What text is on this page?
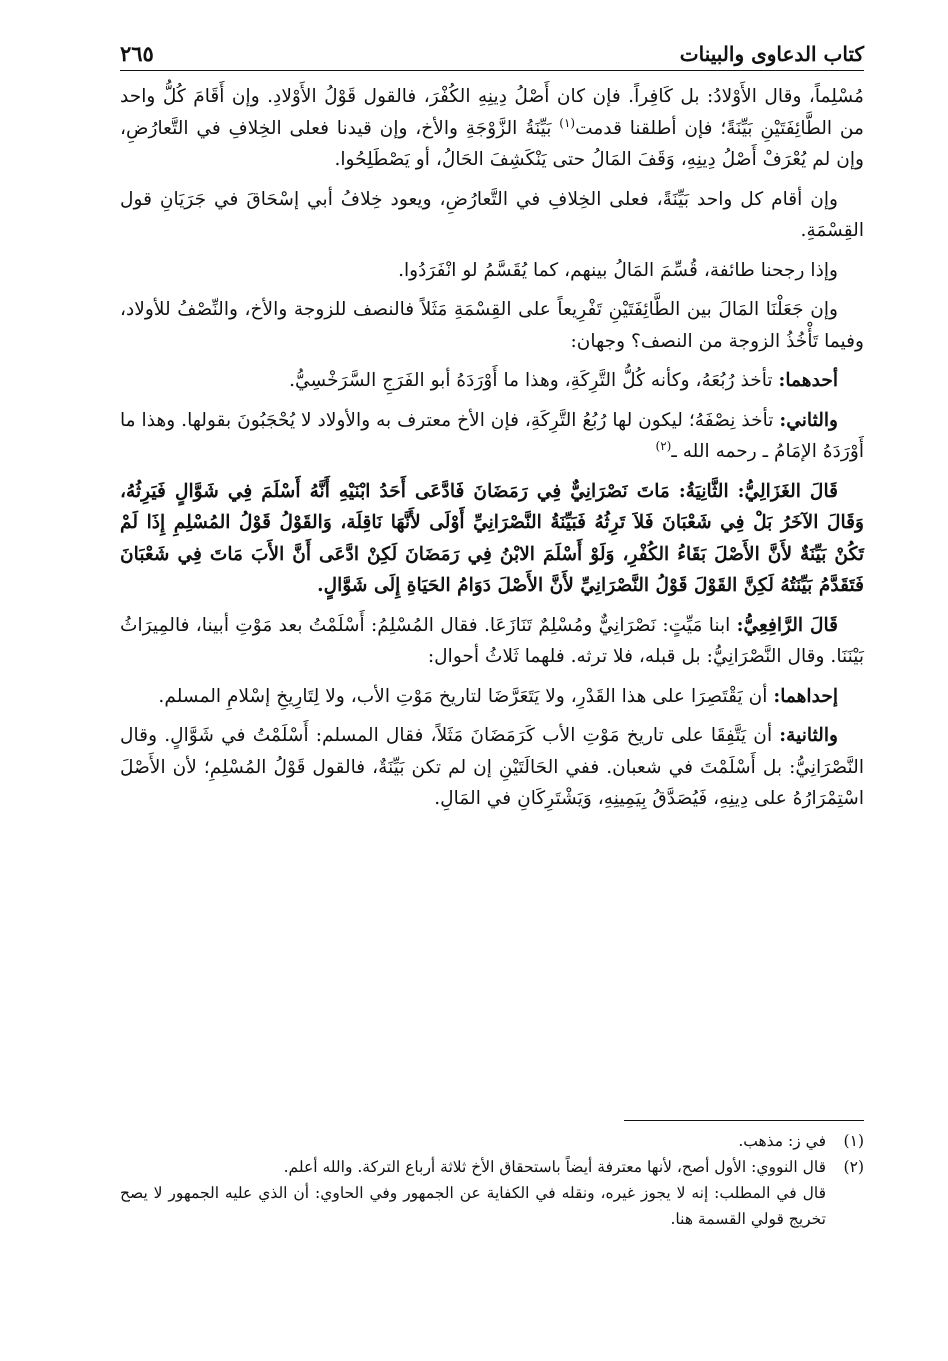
كتاب الدعاوى والبينات
٢٦٥

مُسْلِماً، وقال الأَوْلادُ: بل كَافِراً. فإن كان أَصْلُ دِينِهِ الكُفْرَ، فالقول قَوْلُ الأَوْلادِ. وإن أَقَامَ كُلُّ واحد من الطَّائِفَتَيْنِ بَيِّنَةً؛ فإن أطلقنا قدمت$^{(١)}$ بَيِّنَةُ الزَّوْجَةِ والأخ، وإن قيدنا فعلى الخِلافِ في التَّعارُضِ، وإن لم يُعْرَفْ أَصْلُ دِينِهِ، وَقَفَ المَالُ حتى يَنْكَشِفَ الحَالُ، أو يَصْطَلِحُوا.

وإن أقام كل واحد بَيِّنَةً، فعلى الخِلافِ في التَّعارُضِ، ويعود خِلافُ أبي إسْحَاقَ في جَرَيَانِ قول القِسْمَةِ.

وإذا رجحنا طائفة، قُسِّمَ المَالُ بينهم، كما يُقَسَّمُ لو انْفَرَدُوا.

وإن جَعَلْنَا المَالَ بين الطَّائِفَتَيْنِ تَفْرِيعاً على القِسْمَةِ مَثَلاً فالنصف للزوجة والأخ، والنِّصْفُ للأولاد، وفيما تَأْخُذُ الزوجة من النصف؟ وجهان:

أحدهما: تأخذ رُبُعَهُ، وكأنه كُلُّ التَّرِكَةِ، وهذا ما أَوْرَدَهُ أبو الفَرَجِ السَّرَخْسِيُّ.

والثاني: تأخذ نِصْفَهُ؛ ليكون لها رُبُعُ التَّرِكَةِ، فإن الأخ معترف به والأولاد لا يُحْجَبُونَ بقولها. وهذا ما أَوْرَدَهُ الإمَامُ ـ رحمه الله ـ$^{(٢)}$

قَالَ الغَزَالِيُّ: الثَّانِيَةُ: مَاتَ نَصْرَانِيٌّ فِي رَمَضَانَ فَادَّعَى أَحَدُ ابْنَيْهِ أَنَّهُ أَسْلَمَ فِي شَوَّالٍ فَيَرِثُهُ، وَقَالَ الآخَرُ بَلْ فِي شَعْبَانَ فَلاَ تَرِثُهُ فَبَيِّنَةُ النَّصْرَانِيِّ أَوْلَى لأَنَّهَا نَاقِلَة، وَالقَوْلُ قَوْلُ المُسْلِمِ إِذَا لَمْ تَكُنْ بَيِّنَةٌ لأَنَّ الأَصْلَ بَقَاءُ الكُفْرِ، وَلَوْ أَسْلَمَ الابْنُ فِي رَمَضَانَ لَكِنْ ادَّعَى أَنَّ الأَبَ مَاتَ فِي شَعْبَانَ فَتَقَدَّمُ بَيِّنَتُهُ لَكِنَّ القَوْلَ قَوْلُ النَّصْرَانِيِّ لأَنَّ الأَصْلَ دَوَامُ الحَيَاةِ إِلَى شَوَّالٍ.

قَالَ الرَّافِعِيُّ: ابنا مَيِّتٍ: نَصْرَانِيٌّ ومُسْلِمٌ تَنَازَعَا. فقال المُسْلِمُ: أَسْلَمْتُ بعد مَوْتِ أبينا، فالمِيرَاثُ بَيْنَنَا. وقال النَّصْرَانِيُّ: بل قبله، فلا ترثه. فلهما ثَلاثُ أحوال:

إحداهما: أن يَقْتَصِرَا على هذا القَدْرِ، ولا يَتَعَرَّضَا لتاريخ مَوْتِ الأب، ولا لِتَارِيخِ إسْلامِ المسلم.

والثانية: أن يَتَّفِقَا على تاريخ مَوْتِ الأب كَرَمَضَانَ مَثَلاً، فقال المسلم: أَسْلَمْتُ في شَوَّالٍ. وقال النَّصْرَانِيُّ: بل أَسْلَمْتَ في شعبان. ففي الحَالَتَيْنِ إن لم تكن بَيِّنَةٌ، فالقول قَوْلُ المُسْلِمِ؛ لأن الأَصْلَ اسْتِمْرَارُهُ على دِينِهِ، فَيُصَدَّقُ بِيَمِينِهِ، وَيَشْتَرِكَانِ في المَالِ.

(١)
في ز: مذهب.
(٢)
قال النووي: الأول أصح، لأنها معترفة أيضاً باستحقاق الأخ ثلاثة أرباع التركة. والله أعلم.
قال في المطلب: إنه لا يجوز غيره، ونقله في الكفاية عن الجمهور وفي الحاوي: أن الذي عليه الجمهور لا يصح تخريج قولي القسمة هنا.
